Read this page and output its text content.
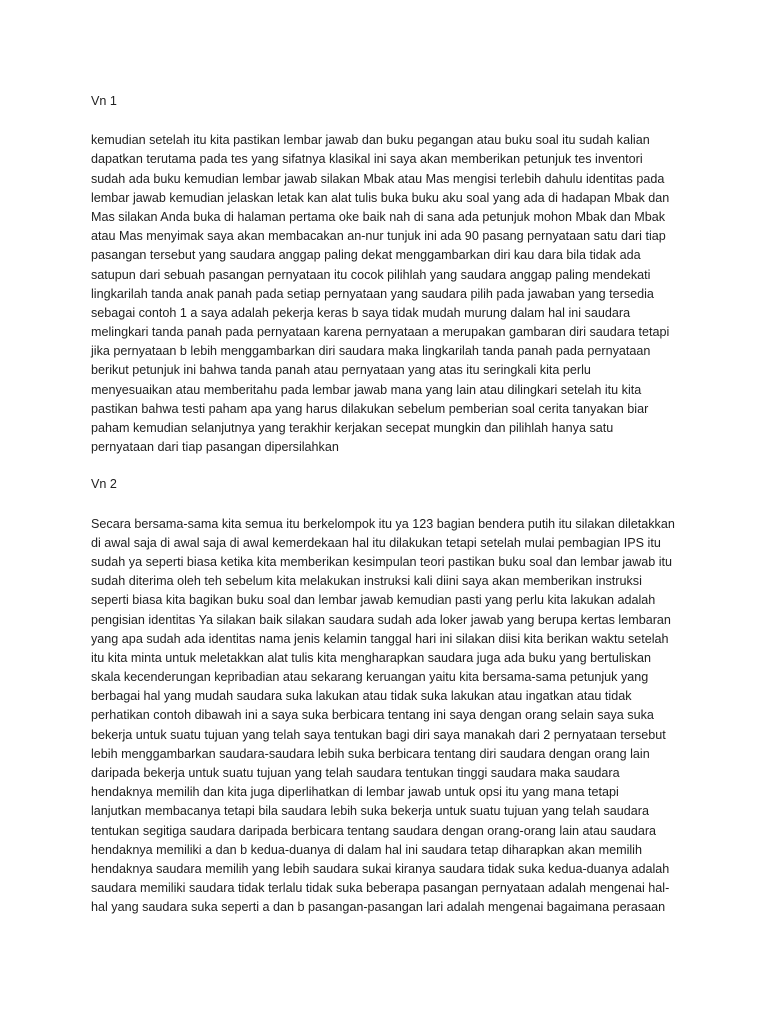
Vn 1
kemudian setelah itu kita pastikan lembar jawab dan buku pegangan atau buku soal itu sudah kalian
dapatkan terutama pada tes yang sifatnya klasikal ini saya akan memberikan petunjuk tes inventori
sudah ada buku kemudian lembar jawab silakan Mbak atau Mas mengisi terlebih dahulu identitas pada
lembar jawab kemudian jelaskan letak kan alat tulis buka buku aku soal yang ada di hadapan Mbak dan
Mas silakan Anda buka di halaman pertama oke baik nah di sana ada petunjuk mohon Mbak dan Mbak
atau Mas menyimak saya akan membacakan an-nur tunjuk ini ada 90 pasang pernyataan satu dari tiap
pasangan tersebut yang saudara anggap paling dekat menggambarkan diri kau dara bila tidak ada
satupun dari sebuah pasangan pernyataan itu cocok pilihlah yang saudara anggap paling mendekati
lingkarilah tanda anak panah pada setiap pernyataan yang saudara pilih pada jawaban yang tersedia
sebagai contoh 1 a saya adalah pekerja keras b saya tidak mudah murung dalam hal ini saudara
melingkari tanda panah pada pernyataan karena pernyataan a merupakan gambaran diri saudara tetapi
jika pernyataan b lebih menggambarkan diri saudara maka lingkarilah tanda panah pada pernyataan
berikut petunjuk ini bahwa tanda panah atau pernyataan yang atas itu seringkali kita perlu
menyesuaikan atau memberitahu pada lembar jawab mana yang lain atau dilingkari setelah itu kita
pastikan bahwa testi paham apa yang harus dilakukan sebelum pemberian soal cerita tanyakan biar
paham kemudian selanjutnya yang terakhir kerjakan secepat mungkin dan pilihlah hanya satu
pernyataan dari tiap pasangan dipersilahkan
Vn 2
Secara bersama-sama kita semua itu berkelompok itu ya 123 bagian bendera putih itu silakan diletakkan
di awal saja di awal saja di awal kemerdekaan hal itu dilakukan tetapi setelah mulai pembagian IPS itu
sudah ya seperti biasa ketika kita memberikan kesimpulan teori pastikan buku soal dan lembar jawab itu
sudah diterima oleh teh sebelum kita melakukan instruksi kali diini saya akan memberikan instruksi
seperti biasa kita bagikan buku soal dan lembar jawab kemudian pasti yang perlu kita lakukan adalah
pengisian identitas Ya silakan baik silakan saudara sudah ada loker jawab yang berupa kertas lembaran
yang apa sudah ada identitas nama jenis kelamin tanggal hari ini silakan diisi kita berikan waktu setelah
itu kita minta untuk meletakkan alat tulis kita mengharapkan saudara juga ada buku yang bertuliskan
skala kecenderungan kepribadian atau sekarang keruangan yaitu kita bersama-sama petunjuk yang
berbagai hal yang mudah saudara suka lakukan atau tidak suka lakukan atau ingatkan atau tidak
perhatikan contoh dibawah ini a saya suka berbicara tentang ini saya dengan orang selain saya suka
bekerja untuk suatu tujuan yang telah saya tentukan bagi diri saya manakah dari 2 pernyataan tersebut
lebih menggambarkan saudara-saudara lebih suka berbicara tentang diri saudara dengan orang lain
daripada bekerja untuk suatu tujuan yang telah saudara tentukan tinggi saudara maka saudara
hendaknya memilih dan kita juga diperlihatkan di lembar jawab untuk opsi itu yang mana tetapi
lanjutkan membacanya tetapi bila saudara lebih suka bekerja untuk suatu tujuan yang telah saudara
tentukan segitiga saudara daripada berbicara tentang saudara dengan orang-orang lain atau saudara
hendaknya memiliki a dan b kedua-duanya di dalam hal ini saudara tetap diharapkan akan memilih
hendaknya saudara memilih yang lebih saudara sukai kiranya saudara tidak suka kedua-duanya adalah
saudara memiliki saudara tidak terlalu tidak suka beberapa pasangan pernyataan adalah mengenai hal-
hal yang saudara suka seperti a dan b pasangan-pasangan lari adalah mengenai bagaimana perasaan
